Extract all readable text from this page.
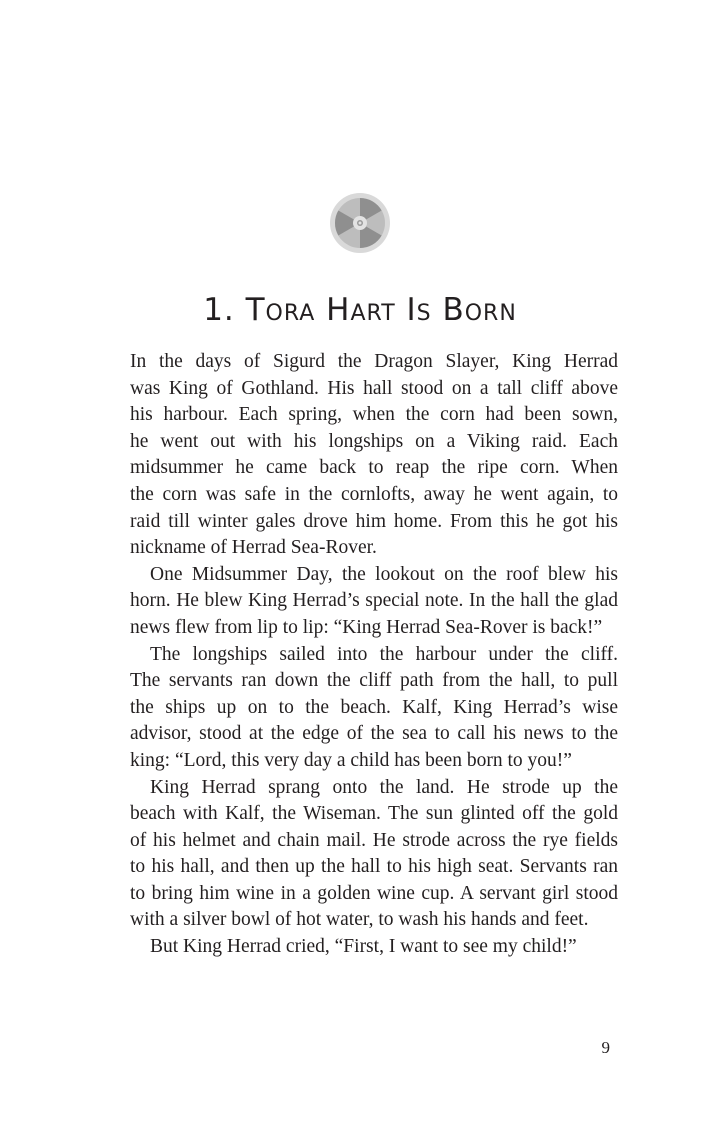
1. Tora Hart Is Born
In the days of Sigurd the Dragon Slayer, King Herrad
was King of Gothland. His hall stood on a tall cliff above
his harbour. Each spring, when the corn had been sown,
he went out with his longships on a Viking raid. Each
midsummer he came back to reap the ripe corn. When
the corn was safe in the cornlofts, away he went again, to
raid till winter gales drove him home. From this he got his
nickname of Herrad Sea-Rover.
One Midsummer Day, the lookout on the roof blew his
horn. He blew King Herrad’s special note. In the hall the glad
news flew from lip to lip: “King Herrad Sea-Rover is back!”
The longships sailed into the harbour under the cliff.
The servants ran down the cliff path from the hall, to pull
the ships up on to the beach. Kalf, King Herrad’s wise
advisor, stood at the edge of the sea to call his news to the
king: “Lord, this very day a child has been born to you!”
King Herrad sprang onto the land. He strode up the
beach with Kalf, the Wiseman. The sun glinted off the gold
of his helmet and chain mail. He strode across the rye fields
to his hall, and then up the hall to his high seat. Servants ran
to bring him wine in a golden wine cup. A servant girl stood
with a silver bowl of hot water, to wash his hands and feet.
But King Herrad cried, “First, I want to see my child!”
9
